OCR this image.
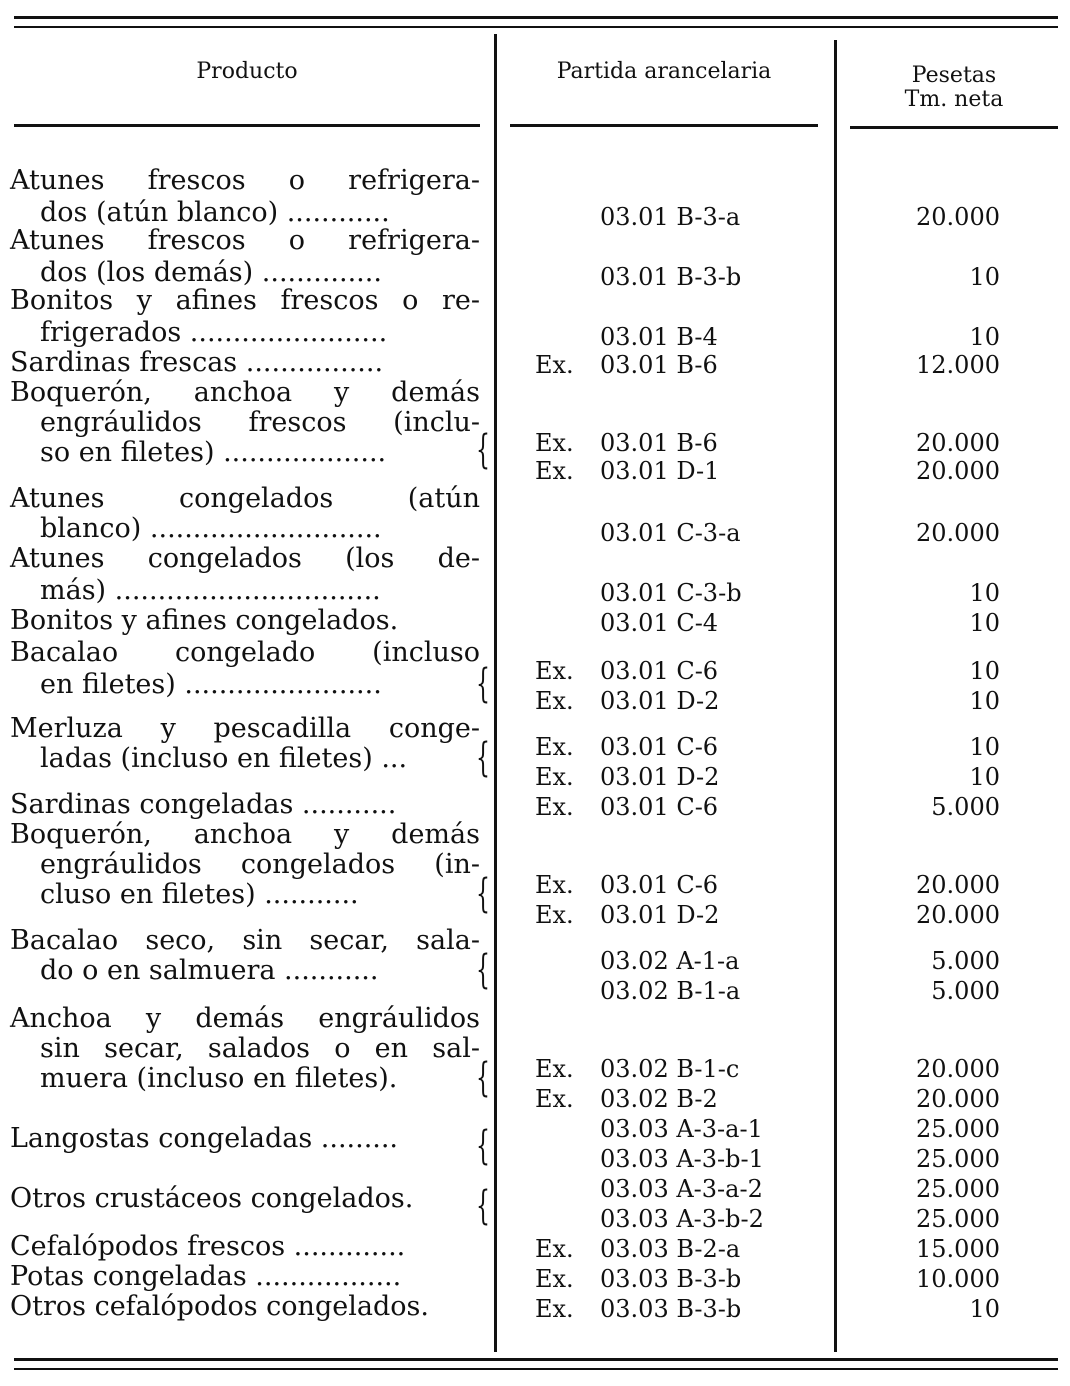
Producto	Partida arancelaria	Pesetas
Tm. neta
Atunes frescos o refrigera-
dos (atún blanco) ............
Atunes frescos o refrigera-
dos (los demás) ..............
Bonitos y afines frescos o re-
frigerados .......................
Sardinas frescas ................
Boquerón, anchoa y demás
engráulidos frescos (inclu-
so en filetes) ...................
Atunes congelados (atún
blanco) ...........................
Atunes congelados (los de-
más) ...............................
Bonitos y afines congelados.
Bacalao congelado (incluso
en filetes) .......................
Merluza y pescadilla conge-
ladas (incluso en filetes) ...
Sardinas congeladas ...........
Boquerón, anchoa y demás
engráulidos congelados (in-
cluso en filetes) ...........
Bacalao seco, sin secar, sala-
do o en salmuera ...........
Anchoa y demás engráulidos
sin secar, salados o en sal-
muera (incluso en filetes).
Langostas congeladas .........
Otros crustáceos congelados.
Cefalópodos frescos .............
Potas congeladas .................
Otros cefalópodos congelados.
{
{
{
{
{
{
{
{
Ex.
Ex.
Ex.
Ex.
Ex.
Ex.
Ex.
Ex.
Ex.
Ex.
Ex.
Ex.
Ex.
Ex.
Ex.
03.01 B-3-a
03.01 B-3-b
03.01 B-4
03.01 B-6
03.01 B-6
03.01 D-1
03.01 C-3-a
03.01 C-3-b
03.01 C-4
03.01 C-6
03.01 D-2
03.01 C-6
03.01 D-2
03.01 C-6
03.01 C-6
03.01 D-2
03.02 A-1-a
03.02 B-1-a
03.02 B-1-c
03.02 B-2
03.03 A-3-a-1
03.03 A-3-b-1
03.03 A-3-a-2
03.03 A-3-b-2
03.03 B-2-a
03.03 B-3-b
03.03 B-3-b
20.000
10
10
12.000
20.000
20.000
20.000
10
10
10
10
10
10
5.000
20.000
20.000
5.000
5.000
20.000
20.000
25.000
25.000
25.000
25.000
15.000
10.000
10
